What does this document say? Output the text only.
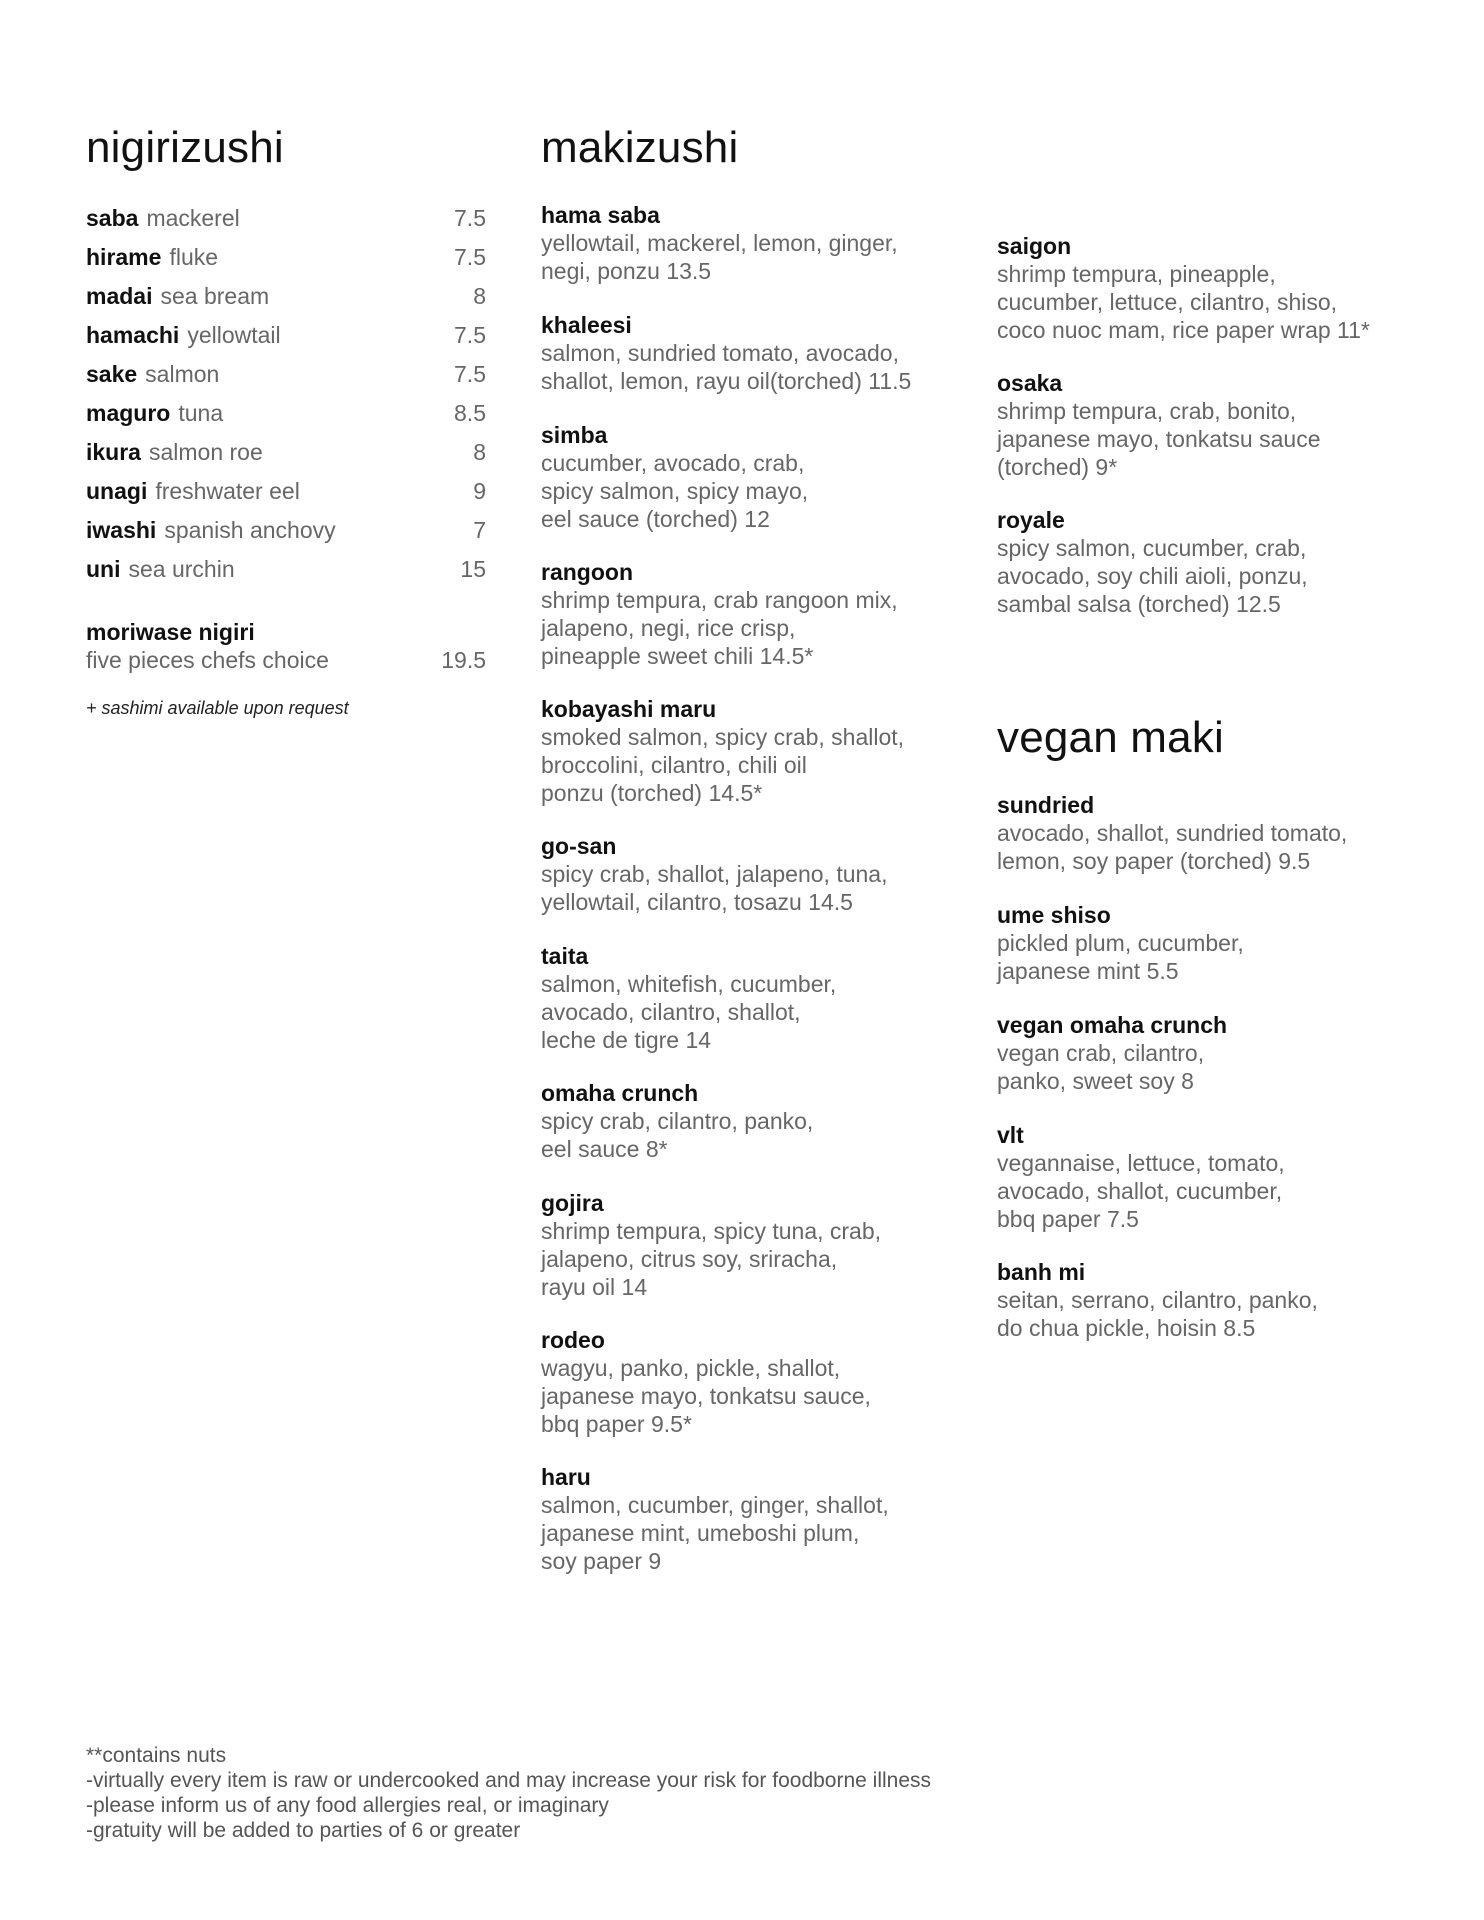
nigirizushi	makizushi
vegan maki
saba mackerel	7.5
hirame fluke	7.5
madai sea bream	8
hamachi yellowtail	7.5
sake salmon	7.5
maguro tuna	8.5
ikura salmon roe	8
unagi freshwater eel	9
iwashi spanish anchovy	7
uni sea urchin	15
moriwase nigiri
five pieces chefs choice	19.5
+ sashimi available upon request
hama saba
yellowtail, mackerel, lemon, ginger,
negi, ponzu 13.5
khaleesi
salmon, sundried tomato, avocado,
shallot, lemon, rayu oil(torched) 11.5
simba
cucumber, avocado, crab,
spicy salmon, spicy mayo,
eel sauce (torched) 12
rangoon
shrimp tempura, crab rangoon mix,
jalapeno, negi, rice crisp,
pineapple sweet chili 14.5*
kobayashi maru
smoked salmon, spicy crab, shallot,
broccolini, cilantro, chili oil
ponzu (torched) 14.5*
go-san
spicy crab, shallot, jalapeno, tuna,
yellowtail, cilantro, tosazu 14.5
taita
salmon, whitefish, cucumber,
avocado, cilantro, shallot,
leche de tigre 14
omaha crunch
spicy crab, cilantro, panko,
eel sauce 8*
gojira
shrimp tempura, spicy tuna, crab,
jalapeno, citrus soy, sriracha,
rayu oil 14
rodeo
wagyu, panko, pickle, shallot,
japanese mayo, tonkatsu sauce,
bbq paper 9.5*
haru
salmon, cucumber, ginger, shallot,
japanese mint, umeboshi plum,
soy paper 9
saigon
shrimp tempura, pineapple,
cucumber, lettuce, cilantro, shiso,
coco nuoc mam, rice paper wrap 11*
osaka
shrimp tempura, crab, bonito,
japanese mayo, tonkatsu sauce
(torched) 9*
royale
spicy salmon, cucumber, crab,
avocado, soy chili aioli, ponzu,
sambal salsa (torched) 12.5
sundried
avocado, shallot, sundried tomato,
lemon, soy paper (torched) 9.5
ume shiso
pickled plum, cucumber,
japanese mint 5.5
vegan omaha crunch
vegan crab, cilantro,
panko, sweet soy 8
vlt
vegannaise, lettuce, tomato,
avocado, shallot, cucumber,
bbq paper 7.5
banh mi
seitan, serrano, cilantro, panko,
do chua pickle, hoisin 8.5
**contains nuts
-virtually every item is raw or undercooked and may increase your risk for foodborne illness
-please inform us of any food allergies real, or imaginary
-gratuity will be added to parties of 6 or greater
